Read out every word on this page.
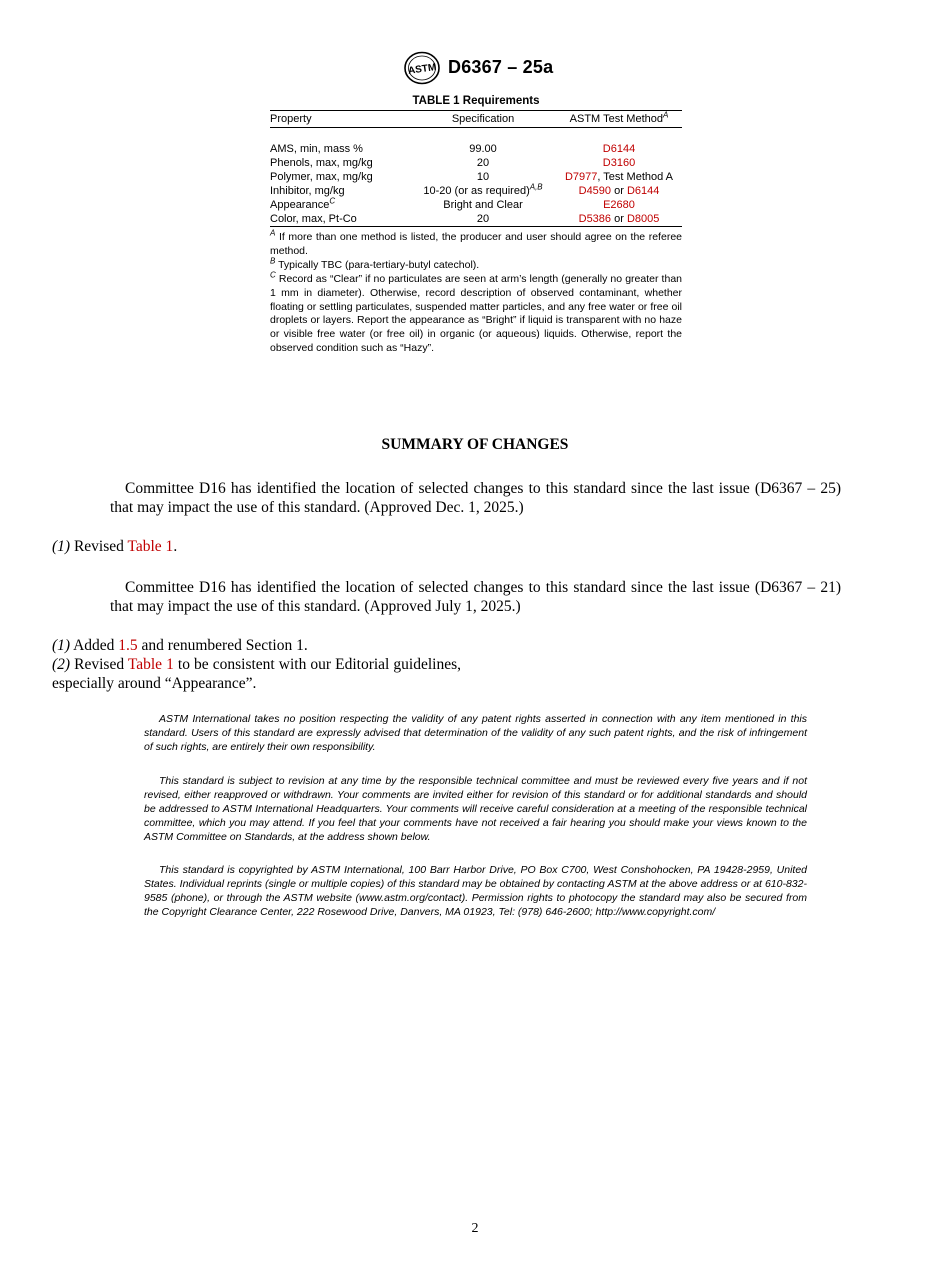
ASTM D6367 – 25a
TABLE 1 Requirements
Property	Specification	ASTM Test Method$^A$

AMS, min, mass %	99.00	D6144
Phenols, max, mg/kg	20	D3160
Polymer, max, mg/kg	10	D7977, Test Method A
Inhibitor, mg/kg	10-20 (or as required)$^{A,B}$	D4590 or D6144
Appearance$^C$	Bright and Clear	E2680
Color, max, Pt-Co	20	D5386 or D8005
$^A$ If more than one method is listed, the producer and user should agree on the referee method.
$^B$ Typically TBC (para-tertiary-butyl catechol).
$^C$ Record as “Clear” if no particulates are seen at arm’s length (generally no greater than 1 mm in diameter). Otherwise, record description of observed contaminant, whether floating or settling particulates, suspended matter particles, and any free water or free oil droplets or layers. Report the appearance as “Bright” if liquid is transparent with no haze or visible free water (or free oil) in organic (or aqueous) liquids. Otherwise, report the observed condition such as “Hazy”.
SUMMARY OF CHANGES
Committee D16 has identified the location of selected changes to this standard since the last issue (D6367 – 25) that may impact the use of this standard. (Approved Dec. 1, 2025.)
(1) Revised Table 1.
Committee D16 has identified the location of selected changes to this standard since the last issue (D6367 – 21) that may impact the use of this standard. (Approved July 1, 2025.)
(1) Added 1.5 and renumbered Section 1.
(2) Revised Table 1 to be consistent with our Editorial guidelines, especially around “Appearance”.
ASTM International takes no position respecting the validity of any patent rights asserted in connection with any item mentioned in this standard. Users of this standard are expressly advised that determination of the validity of any such patent rights, and the risk of infringement of such rights, are entirely their own responsibility.
This standard is subject to revision at any time by the responsible technical committee and must be reviewed every five years and if not revised, either reapproved or withdrawn. Your comments are invited either for revision of this standard or for additional standards and should be addressed to ASTM International Headquarters. Your comments will receive careful consideration at a meeting of the responsible technical committee, which you may attend. If you feel that your comments have not received a fair hearing you should make your views known to the ASTM Committee on Standards, at the address shown below.
This standard is copyrighted by ASTM International, 100 Barr Harbor Drive, PO Box C700, West Conshohocken, PA 19428-2959, United States. Individual reprints (single or multiple copies) of this standard may be obtained by contacting ASTM at the above address or at 610-832-9585 (phone), or through the ASTM website (www.astm.org/contact). Permission rights to photocopy the standard may also be secured from the Copyright Clearance Center, 222 Rosewood Drive, Danvers, MA 01923, Tel: (978) 646-2600; http://www.copyright.com/
2
